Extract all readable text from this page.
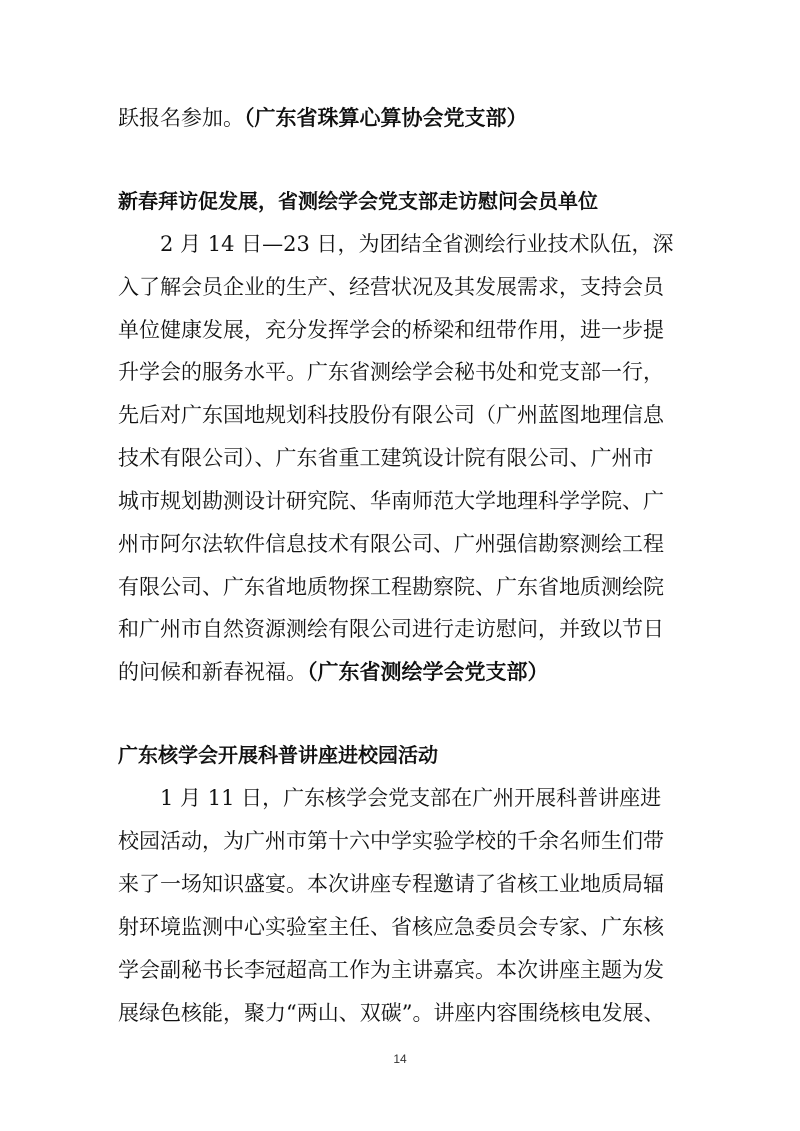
跃报名参加。（广东省珠算心算协会党支部）
新春拜访促发展，省测绘学会党支部走访慰问会员单位
2 月 14 日—23 日，为团结全省测绘行业技术队伍，深
入了解会员企业的生产、经营状况及其发展需求，支持会员
单位健康发展，充分发挥学会的桥梁和纽带作用，进一步提
升学会的服务水平。广东省测绘学会秘书处和党支部一行，
先后对广东国地规划科技股份有限公司（广州蓝图地理信息
技术有限公司）、广东省重工建筑设计院有限公司、广州市
城市规划勘测设计研究院、华南师范大学地理科学学院、广
州市阿尔法软件信息技术有限公司、广州强信勘察测绘工程
有限公司、广东省地质物探工程勘察院、广东省地质测绘院
和广州市自然资源测绘有限公司进行走访慰问，并致以节日
的问候和新春祝福。（广东省测绘学会党支部）
广东核学会开展科普讲座进校园活动
1 月 11 日，广东核学会党支部在广州开展科普讲座进
校园活动，为广州市第十六中学实验学校的千余名师生们带
来了一场知识盛宴。本次讲座专程邀请了省核工业地质局辐
射环境监测中心实验室主任、省核应急委员会专家、广东核
学会副秘书长李冠超高工作为主讲嘉宾。本次讲座主题为发
展绿色核能，聚力“两山、双碳”。讲座内容围绕核电发展、
14
